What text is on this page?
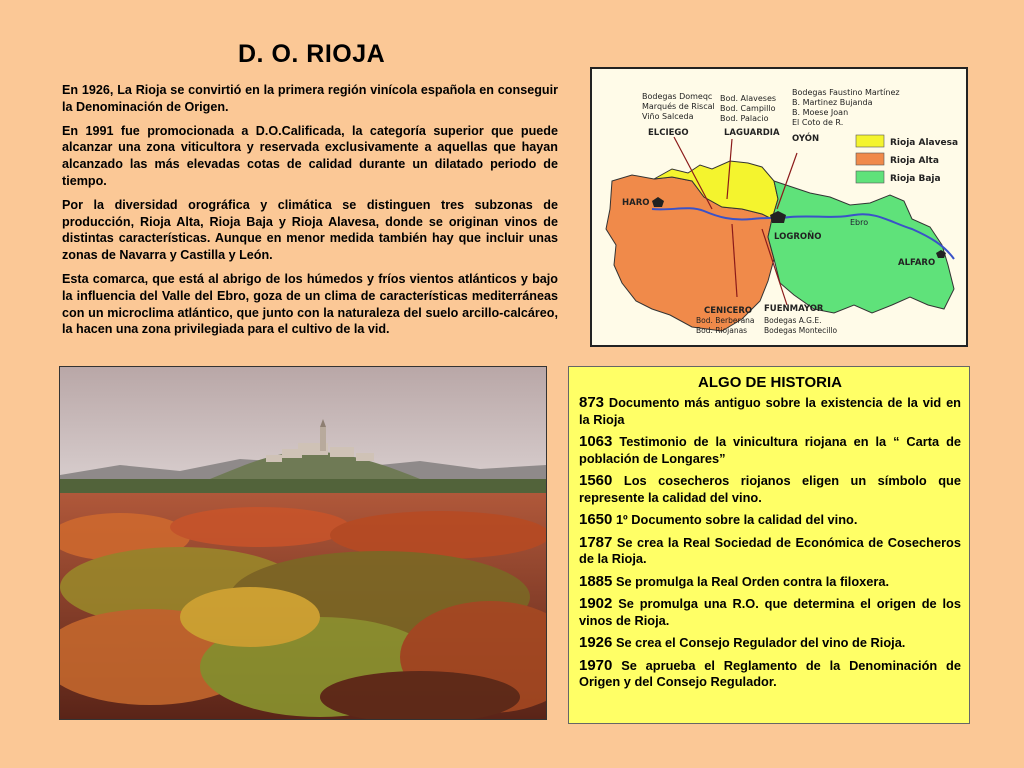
D. O. RIOJA

En 1926, La Rioja se convirtió en la primera región vinícola española en conseguir la Denominación de Origen.

En 1991 fue promocionada a D.O.Calificada, la categoría superior que puede alcanzar una zona viticultora y reservada exclusivamente a aquellas que hayan alcanzado las más elevadas cotas de calidad durante un dilatado periodo de tiempo.

Por la diversidad orográfica y climática se distinguen tres subzonas de producción, Rioja Alta, Rioja Baja y Rioja Alavesa, donde se originan vinos de distintas características. Aunque en menor medida también hay que incluir unas zonas de Navarra y Castilla y León.

Esta comarca, que está al abrigo de los húmedos y fríos vientos atlánticos y bajo la influencia del Valle del Ebro, goza de un clima de características mediterráneas con un microclima atlántico, que junto con la naturaleza del suelo arcillo-calcáreo, la hacen una zona privilegiada para el cultivo de la vid.

Bodegas Domeqc
Marqués de Riscal
Viño Salceda
Bod. Alaveses
Bod. Campillo
Bod. Palacio
Bodegas Faustino Martínez
B. Martinez Bujanda
B. Moese Joan
El Coto de R.
ELCIEGO	LAGUARDIA
OYÓN
HARO
LOGROÑO
ALFARO
CENICERO FUENMAYOR
Ebro
Bod. Berberana
Bod. Riojanas
Bodegas A.G.E.
Bodegas Montecillo
Rioja Alavesa
Rioja Alta
Rioja Baja
ALGO DE HISTORIA
873 Documento más antiguo sobre la existencia de la vid en la Rioja
1063 Testimonio de la vinicultura riojana en la “ Carta de población de Longares”
1560 Los cosecheros riojanos eligen un símbolo que represente la calidad del vino.
1650 1º Documento sobre la calidad del vino.
1787 Se crea la Real Sociedad de Económica de Cosecheros de la Rioja.
1885 Se promulga la Real Orden contra la filoxera.
1902 Se promulga una R.O. que determina el origen de los vinos de Rioja.
1926 Se crea el Consejo Regulador del vino de Rioja.
1970 Se aprueba el Reglamento de la Denominación de Origen y del Consejo Regulador.
